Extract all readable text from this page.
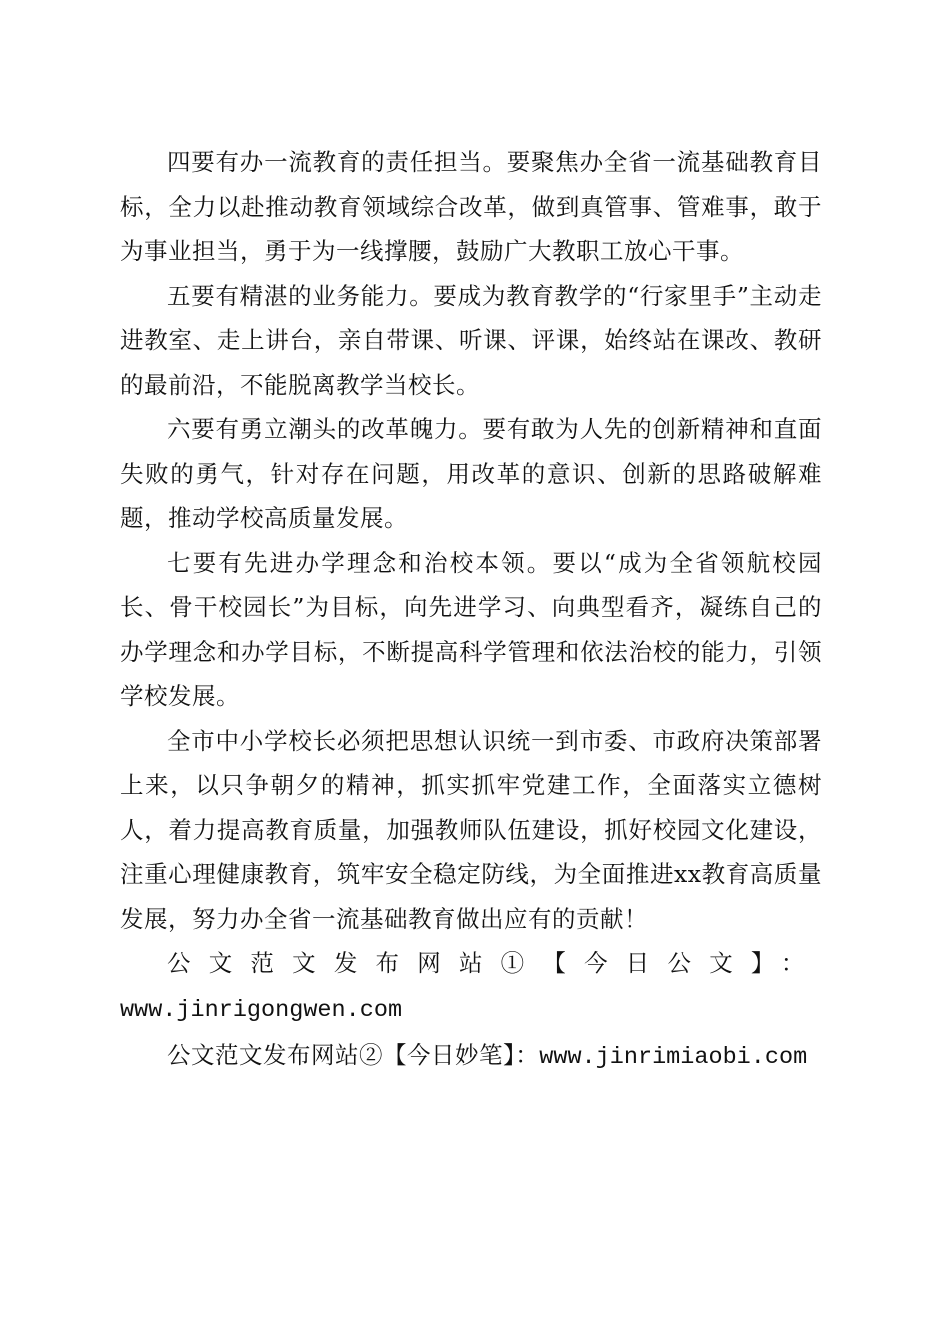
四要有办一流教育的责任担当。要聚焦办全省一流基础教育目标，全力以赴推动教育领域综合改革，做到真管事、管难事，敢于为事业担当，勇于为一线撑腰，鼓励广大教职工放心干事。

五要有精湛的业务能力。要成为教育教学的“行家里手”主动走进教室、走上讲台，亲自带课、听课、评课，始终站在课改、教研的最前沿，不能脱离教学当校长。

六要有勇立潮头的改革魄力。要有敢为人先的创新精神和直面失败的勇气，针对存在问题，用改革的意识、创新的思路破解难题，推动学校高质量发展。

七要有先进办学理念和治校本领。要以“成为全省领航校园长、骨干校园长”为目标，向先进学习、向典型看齐，凝练自己的办学理念和办学目标，不断提高科学管理和依法治校的能力，引领学校发展。

全市中小学校长必须把思想认识统一到市委、市政府决策部署上来，以只争朝夕的精神，抓实抓牢党建工作，全面落实立德树人，着力提高教育质量，加强教师队伍建设，抓好校园文化建设，注重心理健康教育，筑牢安全稳定防线，为全面推进xx教育高质量发展，努力办全省一流基础教育做出应有的贡献！

公文范文发布网站①【今日公文】：www.jinrigongwen.com

公文范文发布网站②【今日妙笔】：www.jinrimiaobi.com
